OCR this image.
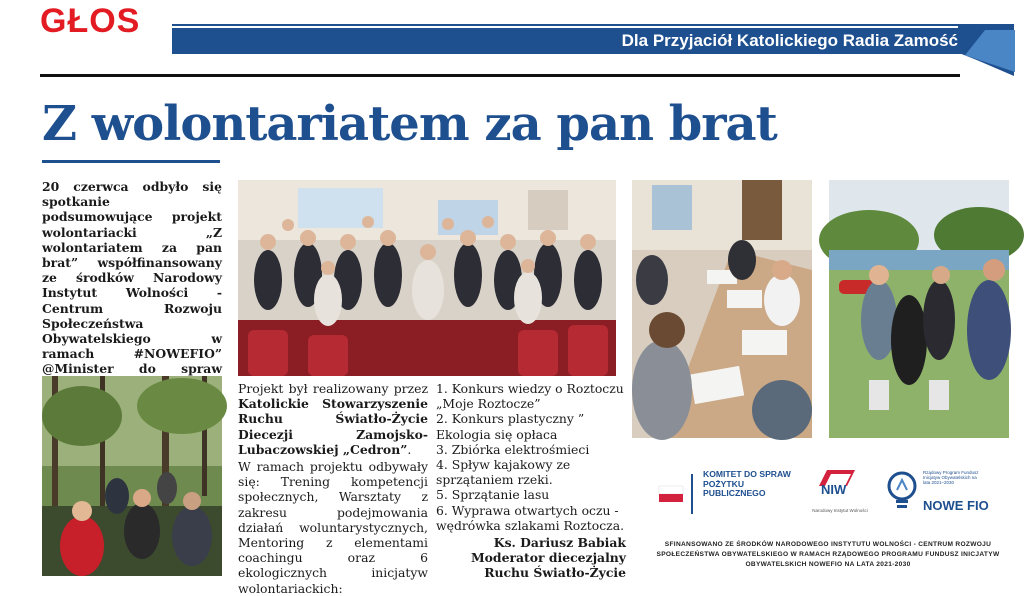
GŁOS
Dla Przyjaciół Katolickiego Radia Zamość
Z wolontariatem za pan brat

20 czerwca odbyło się spotkanie podsumowujące projekt wolontariacki „Z wolontariatem za pan brat” współfinansowany ze środków Narodowy Instytut Wolności - Centrum Rozwoju Społeczeństwa Obywatelskiego w ramach #NOWEFIO” @Minister do spraw

Projekt był realizowany przez Katolickie Stowarzyszenie Ruchu Światło-Życie Diecezji Zamojsko-Lubaczowskiej „Cedron”.

W ramach projektu odbywały się: Trening kompetencji społecznych, Warsztaty z zakresu podejmowania działań woluntarystycznych, Mentoring z elementami coachingu oraz 6 ekologicznych inicjatyw wolontariackich:

1. Konkurs wiedzy o Roztoczu „Moje Roztocze”
2. Konkurs plastyczny ” Ekologia się opłaca
3. Zbiórka elektrośmieci
4. Spływ kajakowy ze sprzątaniem rzeki.
5. Sprzątanie lasu
6. Wyprawa otwartych oczu - wędrówka szlakami Roztocza.
Ks. Dariusz Babiak
Moderator diecezjalny
Ruchu Światło-Życie
KOMITET DO SPRAW POŻYTKU PUBLICZNEGO	NIW
Narodowy Instytut Wolności
Rządowy Program Fundusz Inicjatyw Obywatelskich na lata 2021–2030
NOWE FIO
SFINANSOWANO ZE ŚRODKÓW NARODOWEGO INSTYTUTU WOLNOŚCI - CENTRUM ROZWOJU SPOŁECZEŃSTWA OBYWATELSKIEGO W RAMACH RZĄDOWEGO PROGRAMU FUNDUSZ INICJATYW OBYWATELSKICH NOWEFIO NA LATA 2021-2030
